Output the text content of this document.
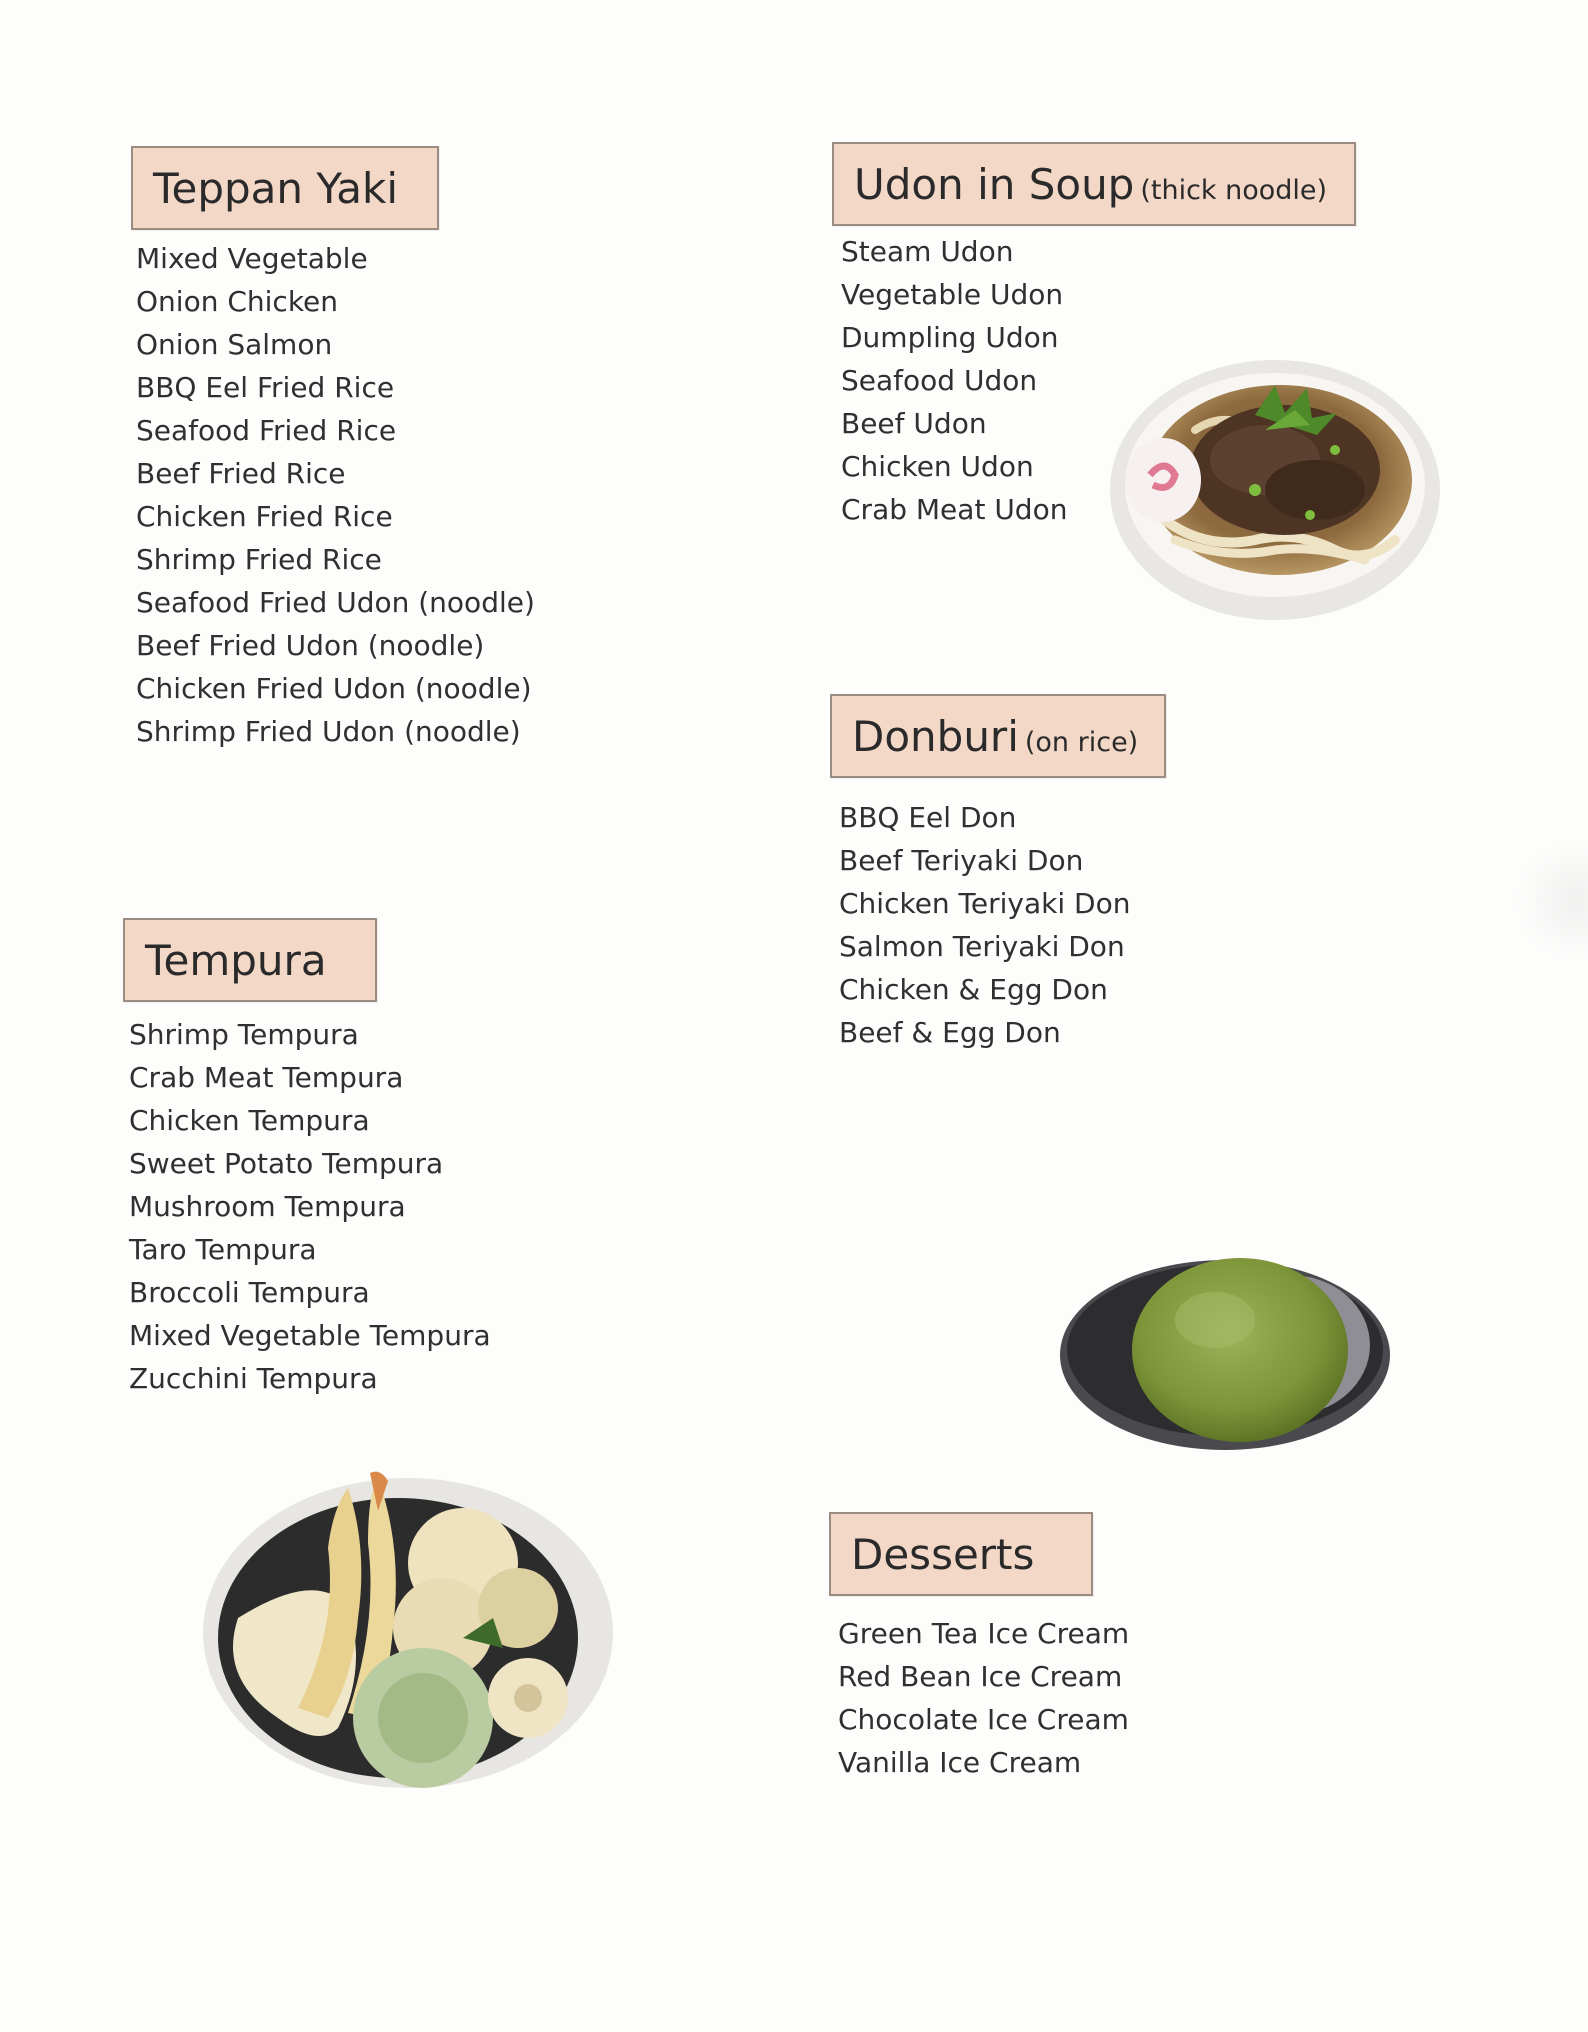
Teppan Yaki
Mixed Vegetable
Onion Chicken
Onion Salmon
BBQ Eel Fried Rice
Seafood Fried Rice
Beef Fried Rice
Chicken Fried Rice
Shrimp Fried Rice
Seafood Fried Udon (noodle)
Beef Fried Udon (noodle)
Chicken Fried Udon (noodle)
Shrimp Fried Udon (noodle)
Udon in Soup (thick noodle)
Steam Udon
Vegetable Udon
Dumpling Udon
Seafood Udon
Beef Udon
Chicken Udon
Crab Meat Udon
Donburi (on rice)
BBQ Eel Don
Beef Teriyaki Don
Chicken Teriyaki Don
Salmon Teriyaki Don
Chicken & Egg Don
Beef & Egg Don
Tempura
Shrimp Tempura
Crab Meat Tempura
Chicken Tempura
Sweet Potato Tempura
Mushroom Tempura
Taro Tempura
Broccoli Tempura
Mixed Vegetable Tempura
Zucchini Tempura
Desserts
Green Tea Ice Cream
Red Bean Ice Cream
Chocolate Ice Cream
Vanilla Ice Cream
